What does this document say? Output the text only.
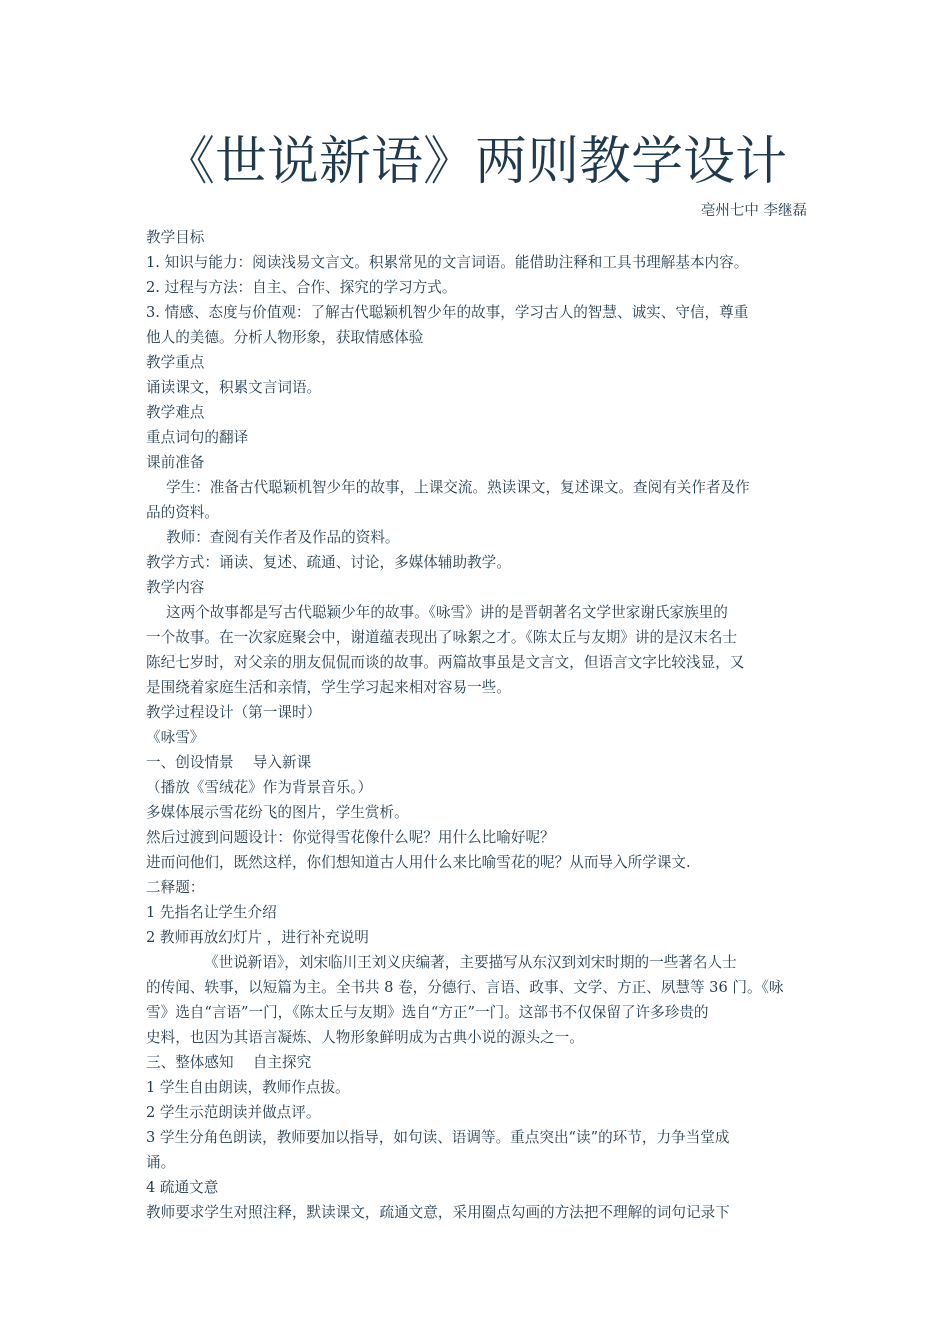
《世说新语》两则教学设计
亳州七中 李继磊
教学目标
1. 知识与能力：阅读浅易文言文。积累常见的文言词语。能借助注释和工具书理解基本内容。
2. 过程与方法：自主、合作、探究的学习方式。
3. 情感、态度与价值观：了解古代聪颖机智少年的故事，学习古人的智慧、诚实、守信，尊重
他人的美德。分析人物形象，获取情感体验
教学重点
诵读课文，积累文言词语。
教学难点
重点词句的翻译
课前准备
学生：准备古代聪颖机智少年的故事，上课交流。熟读课文，复述课文。查阅有关作者及作
品的资料。
教师：查阅有关作者及作品的资料。
教学方式：诵读、复述、疏通、讨论，多媒体辅助教学。
教学内容
这两个故事都是写古代聪颖少年的故事。《咏雪》讲的是晋朝著名文学世家谢氏家族里的
一个故事。在一次家庭聚会中，谢道蕴表现出了咏絮之才。《陈太丘与友期》讲的是汉末名士
陈纪七岁时，对父亲的朋友侃侃而谈的故事。两篇故事虽是文言文，但语言文字比较浅显，又
是围绕着家庭生活和亲情，学生学习起来相对容易一些。
教学过程设计（第一课时）
《咏雪》
一、创设情景　 导入新课
（播放《雪绒花》作为背景音乐。）
多媒体展示雪花纷飞的图片，学生赏析。
然后过渡到问题设计：你觉得雪花像什么呢？用什么比喻好呢？
进而问他们，既然这样，你们想知道古人用什么来比喻雪花的呢？从而导入所学课文.
二释题：
1 先指名让学生介绍
2 教师再放幻灯片 ，进行补充说明
《世说新语》，刘宋临川王刘义庆编著，主要描写从东汉到刘宋时期的一些著名人士
的传闻、轶事，以短篇为主。全书共 8 卷，分德行、言语、政事、文学、方正、夙慧等 36 门。《咏
雪》选自“言语”一门，《陈太丘与友期》选自“方正”一门。这部书不仅保留了许多珍贵的
史料，也因为其语言凝炼、人物形象鲜明成为古典小说的源头之一。
三、整体感知　 自主探究
1 学生自由朗读，教师作点拔。
2 学生示范朗读并做点评。
3 学生分角色朗读，教师要加以指导，如句读、语调等。重点突出“读”的环节，力争当堂成
诵。
4 疏通文意
教师要求学生对照注释，默读课文，疏通文意，采用圈点勾画的方法把不理解的词句记录下
